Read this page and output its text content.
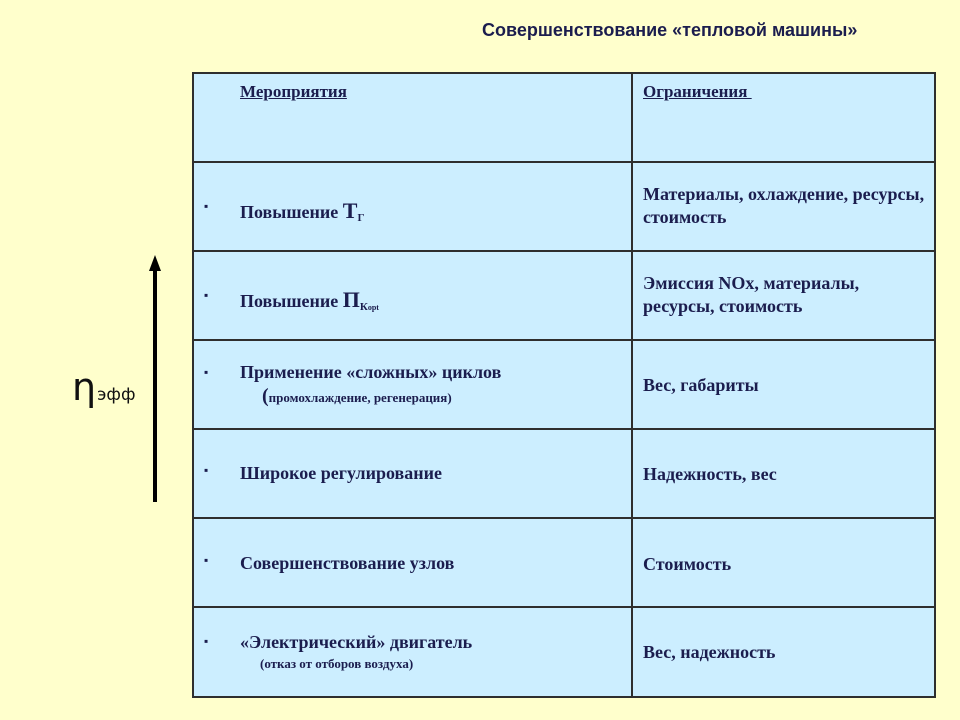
Совершенствование «тепловой машины»
ηэфф
Мероприятия	Ограничения

▪ Повышение ТГ	Материалы, охлаждение, ресурсы, стоимость

▪ Повышение ПКopt	Эмиссия NOx, материалы, ресурсы, стоимость

▪ Применение «сложных» циклов
(промохлаждение, регенерация)	Вес, габариты

▪ Широкое регулирование	Надежность, вес

▪ Совершенствование узлов	Стоимость

▪ «Электрический» двигатель
(отказ от отборов воздуха)	Вес, надежность
